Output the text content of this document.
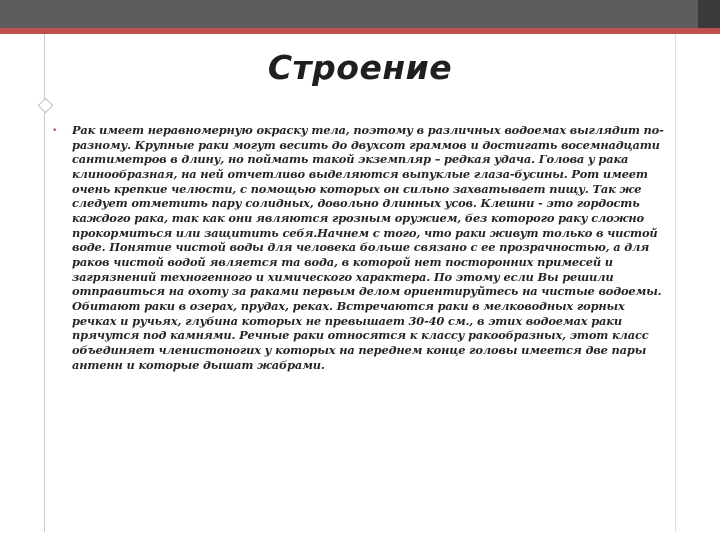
Строение
• Рак имеет неравномерную окраску тела, поэтому в различных водоемах выглядит по-разному. Крупные раки могут весить до двухсот граммов и достигать восемнадцати сантиметров в длину, но поймать такой экземпляр – редкая удача. Голова у рака клинообразная, на ней отчетливо выделяются выпуклые глаза-бусины. Рот имеет очень крепкие челюсти, с помощью которых он сильно захватывает пищу. Так же следует отметить пару солидных, довольно длинных усов. Клешни - это гордость каждого рака, так как они являются грозным оружием, без которого раку сложно прокормиться или защитить себя.Начнем с того, что раки живут только в чистой воде. Понятие чистой воды для человека больше связано с ее прозрачностью, а для раков чистой водой является та вода, в которой нет посторонних примесей и загрязнений техногенного и химического характера. По этому если Вы решили отправиться на охоту за раками первым делом ориентируйтесь на чистые водоемы. Обитают раки в озерах, прудах, реках. Встречаются раки в мелководных горных речках и ручьях, глубина которых не превышает 30-40 см., в этих водоемах раки прячутся под камнями. Речные раки относятся к классу ракообразных, этот класс объединяет членистоногих у которых на переднем конце головы имеется две пары антенн и которые дышат жабрами.
